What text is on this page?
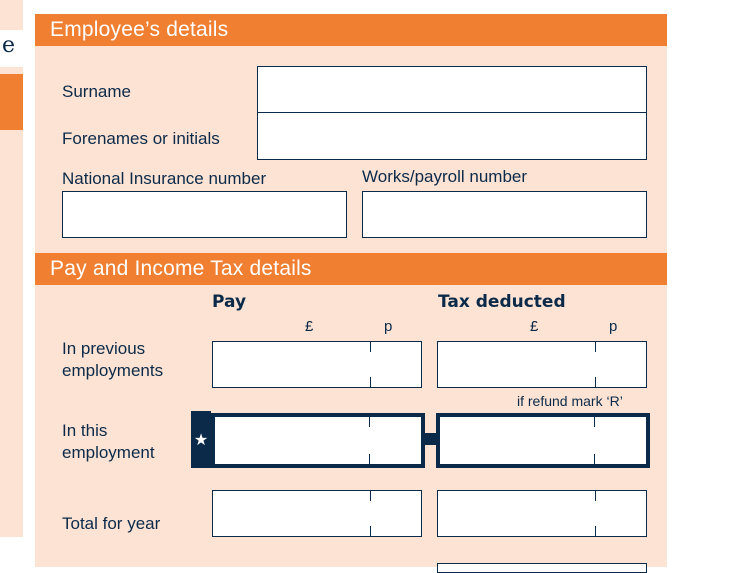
e
Employee’s details
Surname
Forenames or initials
National Insurance number	Works/payroll number
Pay and Income Tax details
Pay	Tax deducted
£	p	£	p
In previous employments
if refund mark ‘R’
In this employment
★
Total for year
